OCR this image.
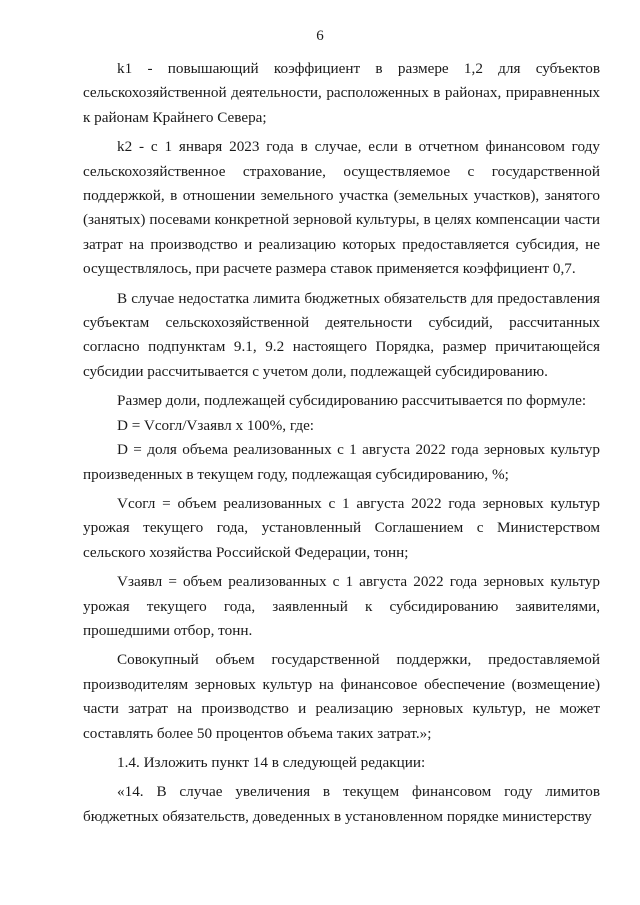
6

k1 - повышающий коэффициент в размере 1,2 для субъектов сельскохозяйственной деятельности, расположенных в районах, приравненных к районам Крайнего Севера;

k2 - с 1 января 2023 года в случае, если в отчетном финансовом году сельскохозяйственное страхование, осуществляемое с государственной поддержкой, в отношении земельного участка (земельных участков), занятого (занятых) посевами конкретной зерновой культуры, в целях компенсации части затрат на производство и реализацию которых предоставляется субсидия, не осуществлялось, при расчете размера ставок применяется коэффициент 0,7.

В случае недостатка лимита бюджетных обязательств для предоставления субъектам сельскохозяйственной деятельности субсидий, рассчитанных согласно подпунктам 9.1, 9.2 настоящего Порядка, размер причитающейся субсидии рассчитывается с учетом доли, подлежащей субсидированию.

Размер доли, подлежащей субсидированию рассчитывается по формуле:

D = Vсогл/Vзаявл x 100%, где:

D = доля объема реализованных с 1 августа 2022 года зерновых культур произведенных в текущем году, подлежащая субсидированию, %;

Vсогл = объем реализованных с 1 августа 2022 года зерновых культур урожая текущего года, установленный Соглашением с Министерством сельского хозяйства Российской Федерации, тонн;

Vзаявл = объем реализованных с 1 августа 2022 года зерновых культур урожая текущего года, заявленный к субсидированию заявителями, прошедшими отбор, тонн.

Совокупный объем государственной поддержки, предоставляемой производителям зерновых культур на финансовое обеспечение (возмещение) части затрат на производство и реализацию зерновых культур, не может составлять более 50 процентов объема таких затрат.»;

1.4. Изложить пункт 14 в следующей редакции:

«14. В случае увеличения в текущем финансовом году лимитов бюджетных обязательств, доведенных в установленном порядке министерству
